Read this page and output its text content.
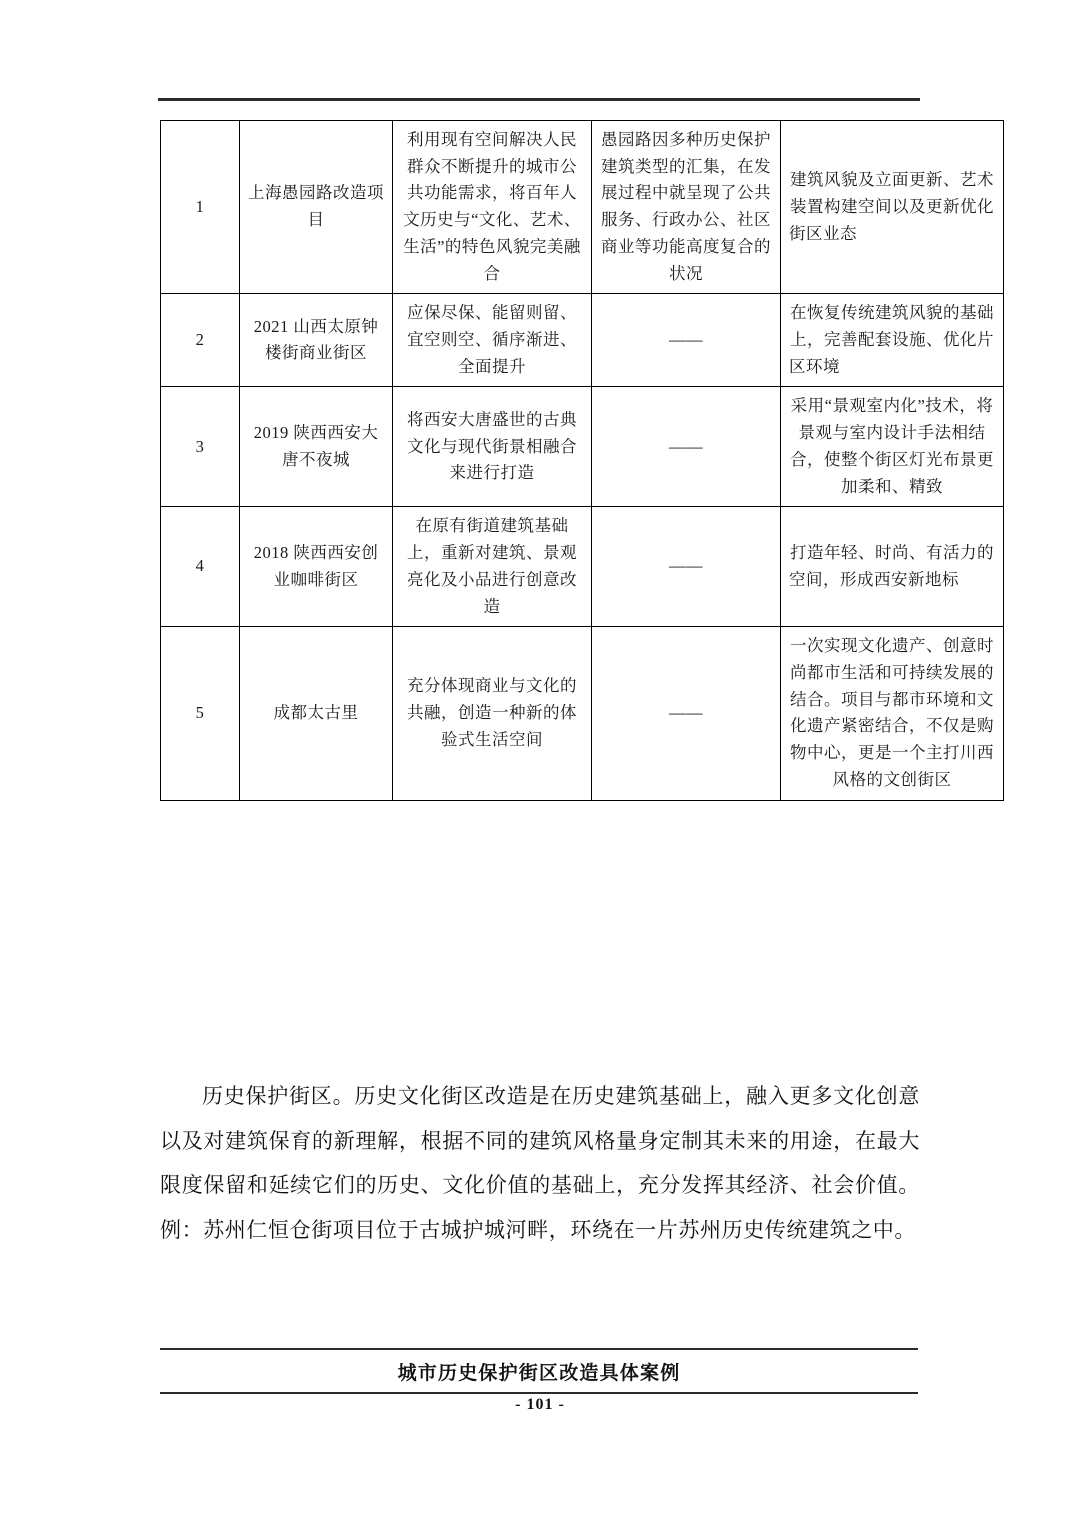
1	上海愚园路改造项目	利用现有空间解决人民群众不断提升的城市公共功能需求，将百年人文历史与“文化、艺术、生活”的特色风貌完美融合	愚园路因多种历史保护建筑类型的汇集，在发展过程中就呈现了公共服务、行政办公、社区商业等功能高度复合的状况	建筑风貌及立面更新、艺术装置构建空间以及更新优化街区业态
2	2021 山西太原钟楼街商业街区	应保尽保、能留则留、宜空则空、循序渐进、全面提升	——	在恢复传统建筑风貌的基础上，完善配套设施、优化片区环境
3	2019 陕西西安大唐不夜城	将西安大唐盛世的古典文化与现代街景相融合来进行打造	——	采用“景观室内化”技术，将景观与室内设计手法相结合，使整个街区灯光布景更加柔和、精致
4	2018 陕西西安创业咖啡街区	在原有街道建筑基础上，重新对建筑、景观亮化及小品进行创意改造	——	打造年轻、时尚、有活力的空间，形成西安新地标
5	成都太古里	充分体现商业与文化的共融，创造一种新的体验式生活空间	——	一次实现文化遗产、创意时尚都市生活和可持续发展的结合。项目与都市环境和文化遗产紧密结合，不仅是购物中心，更是一个主打川西风格的文创街区
历史保护街区。历史文化街区改造是在历史建筑基础上，融入更多文化创意以及对建筑保育的新理解，根据不同的建筑风格量身定制其未来的用途，在最大限度保留和延续它们的历史、文化价值的基础上，充分发挥其经济、社会价值。例：苏州仁恒仓街项目位于古城护城河畔，环绕在一片苏州历史传统建筑之中。
城市历史保护街区改造具体案例
- 101 -
